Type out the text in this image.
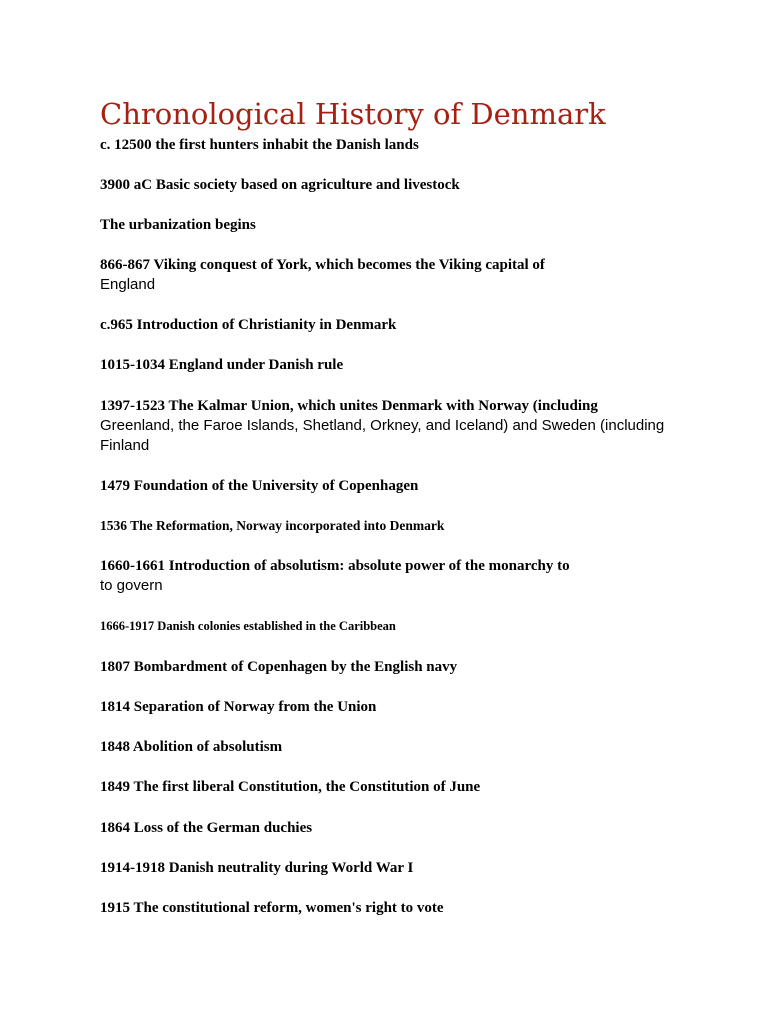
Chronological History of Denmark
c. 12500 the first hunters inhabit the Danish lands
3900 aC Basic society based on agriculture and livestock
The urbanization begins
866-867 Viking conquest of York, which becomes the Viking capital of
England
c.965 Introduction of Christianity in Denmark
1015-1034 England under Danish rule
1397-1523 The Kalmar Union, which unites Denmark with Norway (including
Greenland, the Faroe Islands, Shetland, Orkney, and Iceland) and Sweden (including
Finland
1479 Foundation of the University of Copenhagen
1536 The Reformation, Norway incorporated into Denmark
1660-1661 Introduction of absolutism: absolute power of the monarchy to
to govern
1666-1917 Danish colonies established in the Caribbean
1807 Bombardment of Copenhagen by the English navy
1814 Separation of Norway from the Union
1848 Abolition of absolutism
1849 The first liberal Constitution, the Constitution of June
1864 Loss of the German duchies
1914-1918 Danish neutrality during World War I
1915 The constitutional reform, women's right to vote
